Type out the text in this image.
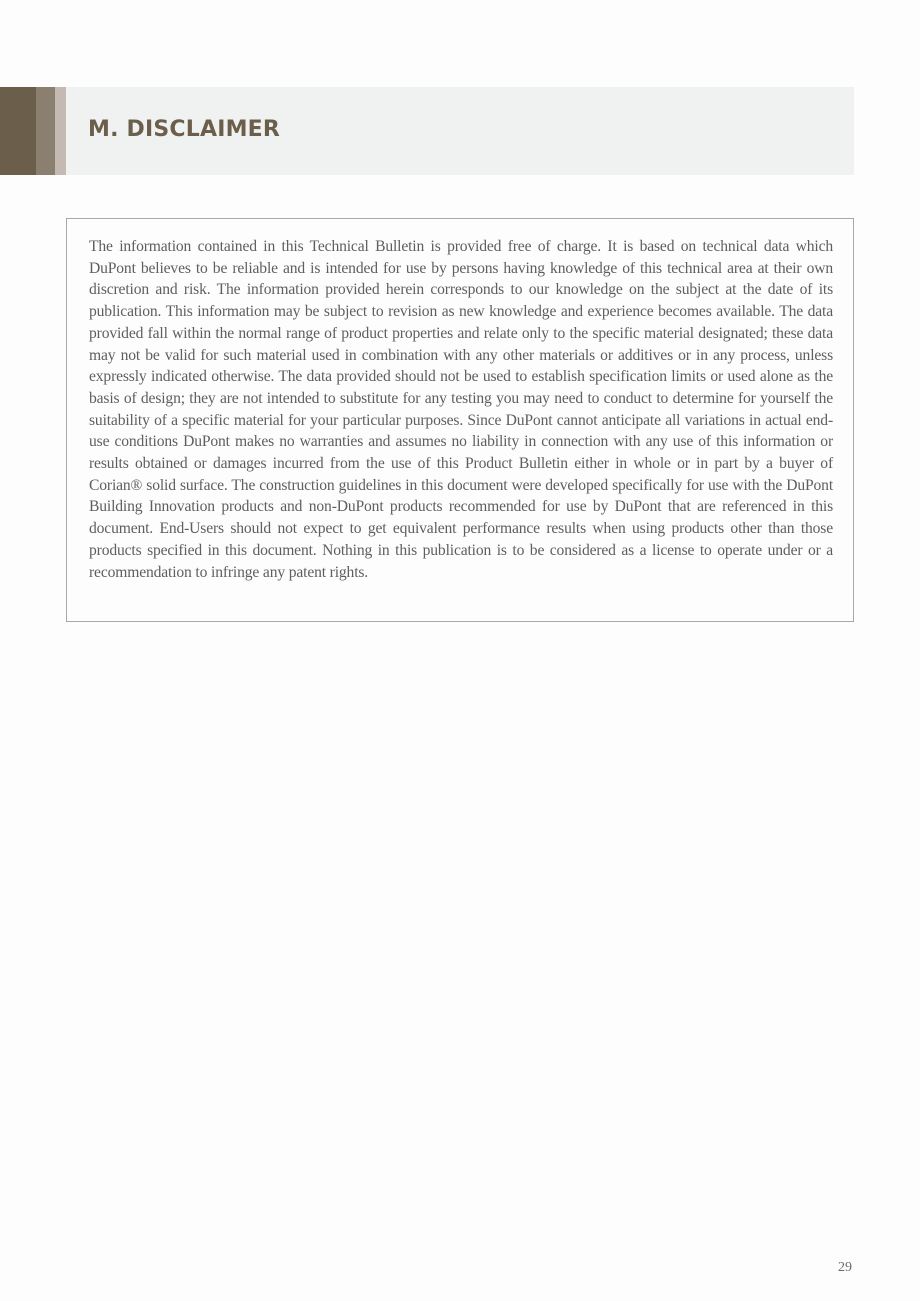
M. DISCLAIMER

The information contained in this Technical Bulletin is provided free of charge. It is based on technical data which DuPont believes to be reliable and is intended for use by persons having knowledge of this technical area at their own discretion and risk. The information provided herein corresponds to our knowledge on the subject at the date of its publication. This information may be subject to revision as new knowledge and experience becomes available. The data provided fall within the normal range of product properties and relate only to the specific material designated; these data may not be valid for such material used in combination with any other materials or additives or in any process, unless expressly indicated otherwise. The data provided should not be used to establish specification limits or used alone as the basis of design; they are not intended to substitute for any testing you may need to conduct to determine for yourself the suitability of a specific material for your particular purposes. Since DuPont cannot anticipate all variations in actual end-use conditions DuPont makes no warranties and assumes no liability in connection with any use of this information or results obtained or damages incurred from the use of this Product Bulletin either in whole or in part by a buyer of Corian® solid surface. The construction guidelines in this document were developed specifically for use with the DuPont Building Innovation products and non-DuPont products recommended for use by DuPont that are referenced in this document. End-Users should not expect to get equivalent performance results when using products other than those products specified in this document. Nothing in this publication is to be considered as a license to operate under or a recommendation to infringe any patent rights.

29
